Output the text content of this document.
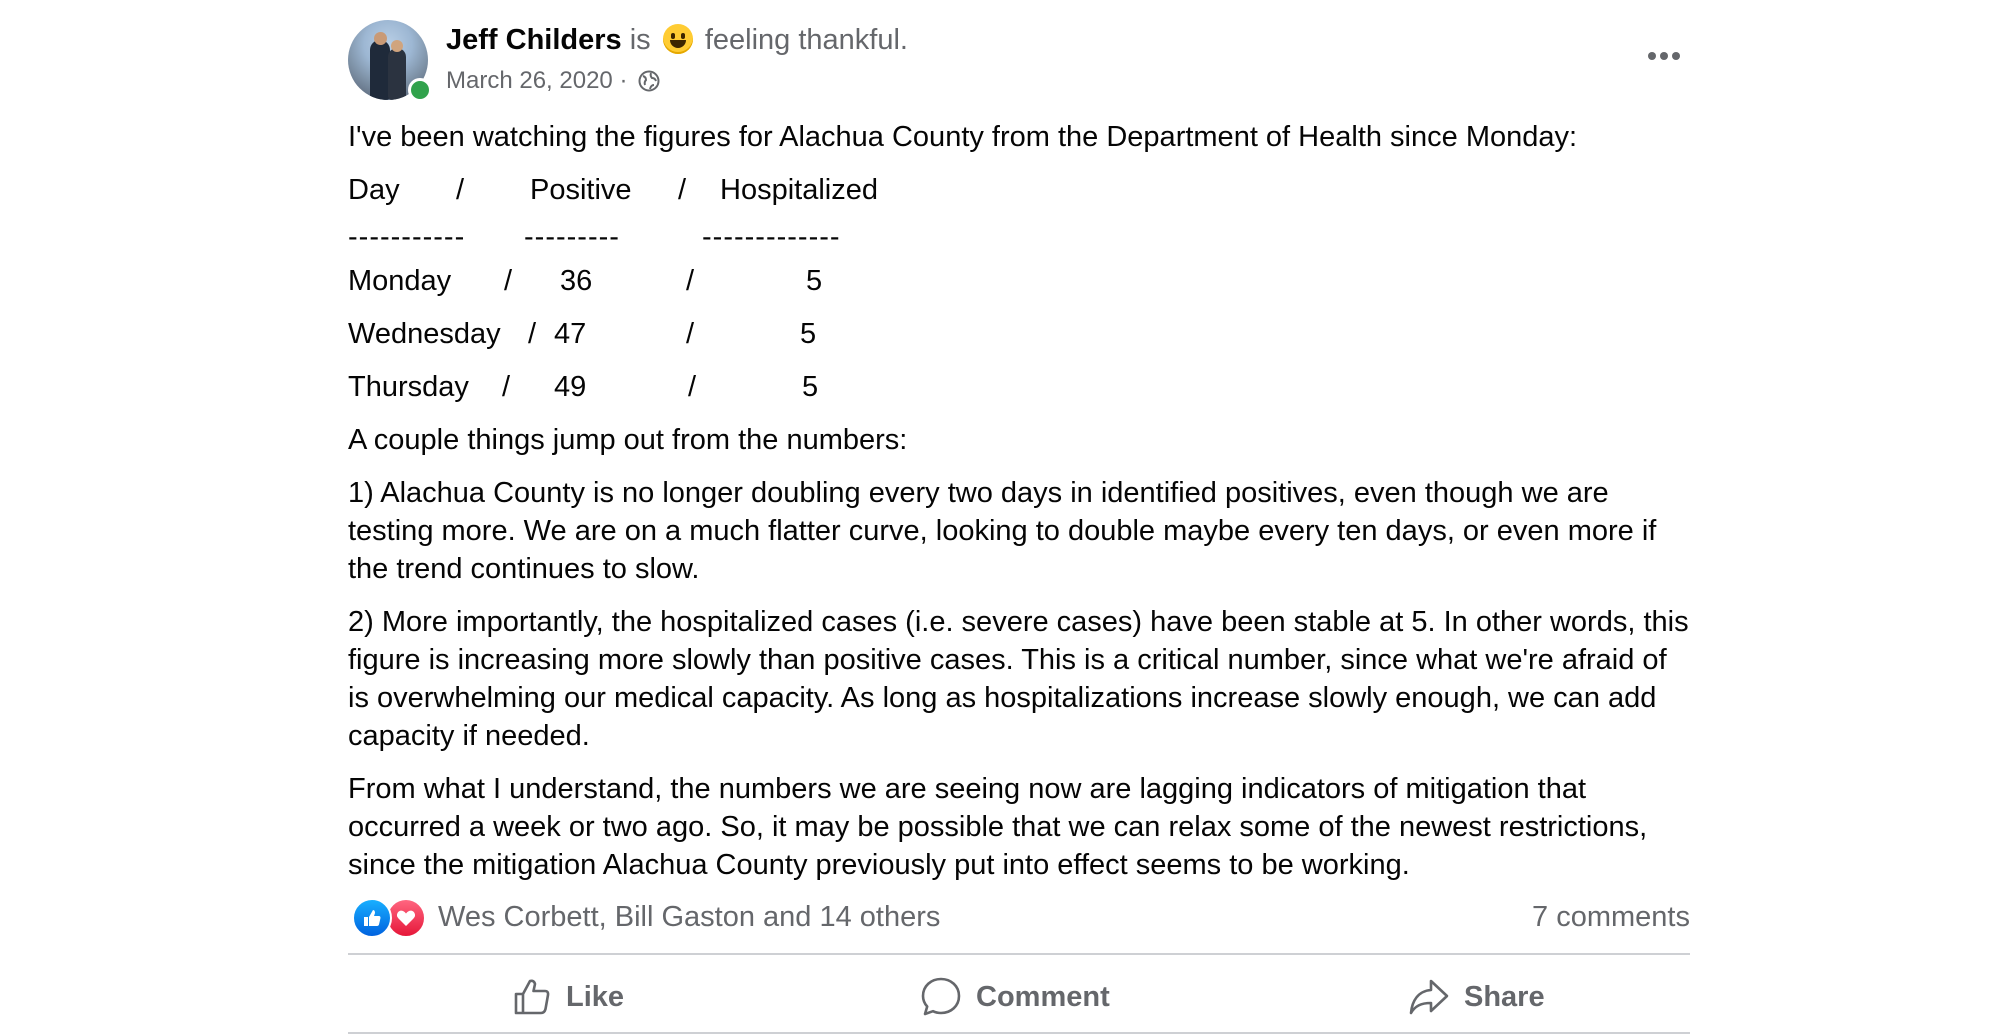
Jeff Childers is feeling thankful.
March 26, 2020 ·

I've been watching the figures for Alachua County from the Department of Health since Monday:

Day / Positive / Hospitalized
----------- ---------	-------------
Monday / 36	/	5
Wednesday / 47	/	5
Thursday / 49	/	5

A couple things jump out from the numbers:

1) Alachua County is no longer doubling every two days in identified positives, even though we are testing more. We are on a much flatter curve, looking to double maybe every ten days, or even more if the trend continues to slow.

2) More importantly, the hospitalized cases (i.e. severe cases) have been stable at 5. In other words, this figure is increasing more slowly than positive cases. This is a critical number, since what we're afraid of is overwhelming our medical capacity. As long as hospitalizations increase slowly enough, we can add capacity if needed.

From what I understand, the numbers we are seeing now are lagging indicators of mitigation that occurred a week or two ago. So, it may be possible that we can relax some of the newest restrictions, since the mitigation Alachua County previously put into effect seems to be working.

Wes Corbett, Bill Gaston and 14 others	7 comments
Like	Comment	Share
